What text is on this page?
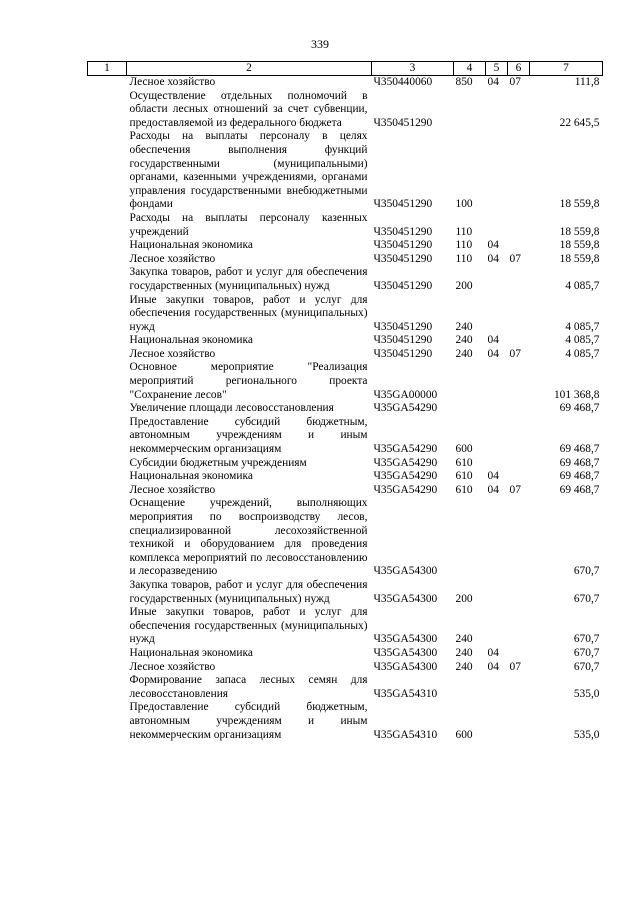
339
1	2	3	4	5	6	7
	Лесное хозяйство	Ч350440060	850	04	07	111,8
	Осуществление отдельных полномочий в области лесных отношений за счет субвенции, предоставляемой из федерального бюджета	Ч350451290				22 645,5
	Расходы на выплаты персоналу в целях обеспечения выполнения функций государственными (муниципальными) органами, казенными учреждениями, органами управления государственными внебюджетными фондами	Ч350451290	100			18 559,8
	Расходы на выплаты персоналу казенных учреждений	Ч350451290	110			18 559,8
	Национальная экономика	Ч350451290	110	04		18 559,8
	Лесное хозяйство	Ч350451290	110	04	07	18 559,8
	Закупка товаров, работ и услуг для обеспечения государственных (муниципальных) нужд	Ч350451290	200			4 085,7
	Иные закупки товаров, работ и услуг для обеспечения государственных (муниципальных) нужд	Ч350451290	240			4 085,7
	Национальная экономика	Ч350451290	240	04		4 085,7
	Лесное хозяйство	Ч350451290	240	04	07	4 085,7
	Основное мероприятие "Реализация мероприятий регионального проекта "Сохранение лесов"	Ч35GA00000				101 368,8
	Увеличение площади лесовосстановления	Ч35GA54290				69 468,7
	Предоставление субсидий бюджетным, автономным учреждениям и иным некоммерческим организациям	Ч35GA54290	600			69 468,7
	Субсидии бюджетным учреждениям	Ч35GA54290	610			69 468,7
	Национальная экономика	Ч35GA54290	610	04		69 468,7
	Лесное хозяйство	Ч35GA54290	610	04	07	69 468,7
	Оснащение учреждений, выполняющих мероприятия по воспроизводству лесов, специализированной лесохозяйственной техникой и оборудованием для проведения комплекса мероприятий по лесовосстановлению и лесоразведению	Ч35GA54300				670,7
	Закупка товаров, работ и услуг для обеспечения государственных (муниципальных) нужд	Ч35GA54300	200			670,7
	Иные закупки товаров, работ и услуг для обеспечения государственных (муниципальных) нужд	Ч35GA54300	240			670,7
	Национальная экономика	Ч35GA54300	240	04		670,7
	Лесное хозяйство	Ч35GA54300	240	04	07	670,7
	Формирование запаса лесных семян для лесовосстановления	Ч35GA54310				535,0
	Предоставление субсидий бюджетным, автономным учреждениям и иным некоммерческим организациям	Ч35GA54310	600			535,0
